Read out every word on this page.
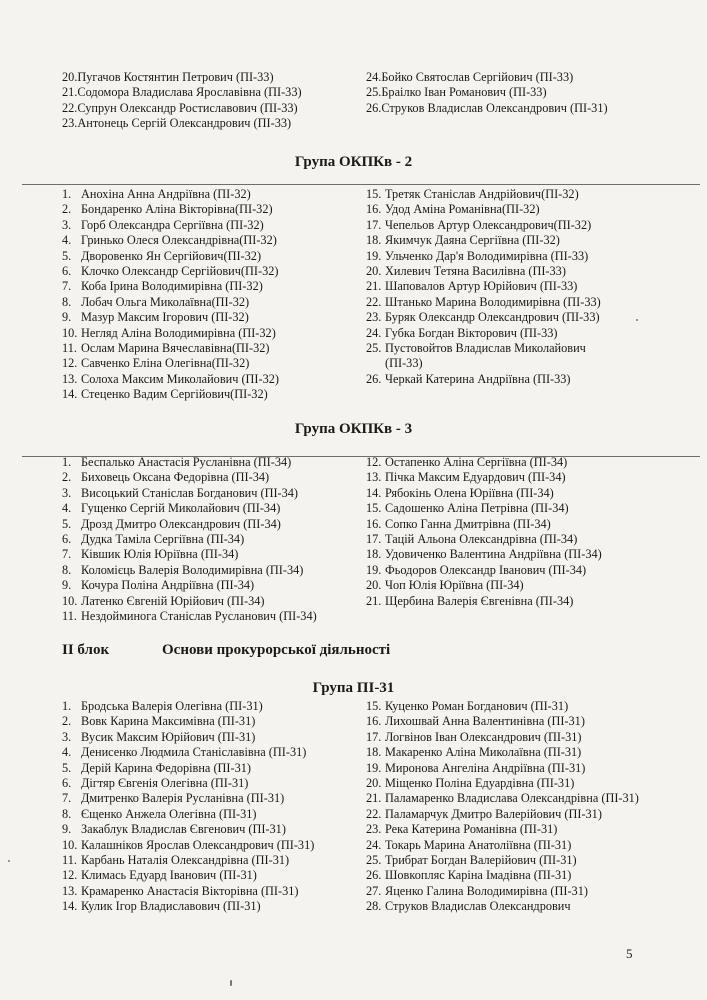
20.Пугачов Костянтин Петрович (ПІ-33)
21.Содомора Владислава Ярославівна (ПІ-33)
22.Супрун Олександр Ростиславович (ПІ-33)
23.Антонець Сергій Олександрович (ПІ-33)
24.Бойко Святослав Сергійович (ПІ-33)
25.Браілко Іван Романович (ПІ-33)
26.Струков Владислав Олександрович (ПІ-31)
Група ОКПКв - 2
1. Анохіна Анна Андріївна (ПІ-32)
2. Бондаренко Аліна Вікторівна(ПІ-32)
3. Горб Олександра Сергіївна (ПІ-32)
4. Гринько Олеся Олександрівна(ПІ-32)
5. Дворовенко Ян Сергійович(ПІ-32)
6. Клочко Олександр Сергійович(ПІ-32)
7. Коба Ірина Володимирівна (ПІ-32)
8. Лобач Ольга Миколаївна(ПІ-32)
9. Мазур Максим Ігорович (ПІ-32)
10. Негляд Аліна Володимирівна (ПІ-32)
11. Ослам Марина Вячеславівна(ПІ-32)
12. Савченко Еліна Олегівна(ПІ-32)
13. Солоха Максим Миколайович (ПІ-32)
14. Стеценко Вадим Сергійович(ПІ-32)
15. Третяк Станіслав Андрійович(ПІ-32)
16. Удод Аміна Романівна(ПІ-32)
17. Чепельов Артур Олександрович(ПІ-32)
18. Якимчук Даяна Сергіївна (ПІ-32)
19. Ульченко Дар'я Володимирівна (ПІ-33)
20. Хилевич Тетяна Василівна (ПІ-33)
21. Шаповалов Артур Юрійович (ПІ-33)
22. Штанько Марина Володимирівна (ПІ-33)
23. Буряк Олександр Олександрович (ПІ-33)
24. Губка Богдан Вікторович (ПІ-33)
25. Пустовойтов Владислав Миколайович
(ПІ-33)
26. Черкай Катерина Андріївна (ПІ-33)
Група ОКПКв - 3
1. Беспалько Анастасія Русланівна (ПІ-34)
2. Биховець Оксана Федорівна (ПІ-34)
3. Висоцький Станіслав Богданович (ПІ-34)
4. Гущенко Сергій Миколайович (ПІ-34)
5. Дрозд Дмитро Олександрович (ПІ-34)
6. Дудка Таміла Сергіївна (ПІ-34)
7. Ківшик Юлія Юріївна (ПІ-34)
8. Коломієць Валерія Володимирівна (ПІ-34)
9. Кочура Поліна Андріївна (ПІ-34)
10. Латенко Євгеній Юрійович (ПІ-34)
11. Нездойминога Станіслав Русланович (ПІ-34)
12. Остапенко Аліна Сергіївна (ПІ-34)
13. Пічка Максим Едуардович (ПІ-34)
14. Рябокінь Олена Юріївна (ПІ-34)
15. Садошенко Аліна Петрівна (ПІ-34)
16. Сопко Ганна Дмитрівна (ПІ-34)
17. Тацій Альона Олександрівна (ПІ-34)
18. Удовиченко Валентина Андріївна (ПІ-34)
19. Фьодоров Олександр Іванович (ПІ-34)
20. Чоп Юлія Юріївна (ПІ-34)
21. Щербина Валерія Євгенівна (ПІ-34)
ІІ блок	Основи прокурорської діяльності
Група ПІ-31
1. Бродська Валерія Олегівна (ПІ-31)
2. Вовк Карина Максимівна (ПІ-31)
3. Вусик Максим Юрійович (ПІ-31)
4. Денисенко Людмила Станіславівна (ПІ-31)
5. Дерій Карина Федорівна (ПІ-31)
6. Дігтяр Євгенія Олегівна (ПІ-31)
7. Дмитренко Валерія Русланівна (ПІ-31)
8. Єщенко Анжела Олегівна (ПІ-31)
9. Закаблук Владислав Євгенович (ПІ-31)
10. Калашніков Ярослав Олександрович (ПІ-31)
11. Карбань Наталія Олександрівна (ПІ-31)
12. Климась Едуард Іванович (ПІ-31)
13. Крамаренко Анастасія Вікторівна (ПІ-31)
14. Кулик Ігор Владиславович (ПІ-31)
15. Куценко Роман Богданович (ПІ-31)
16. Лихошвай Анна Валентинівна (ПІ-31)
17. Логвінов Іван Олександрович (ПІ-31)
18. Макаренко Аліна Миколаївна (ПІ-31)
19. Миронова Ангеліна Андріївна (ПІ-31)
20. Міщенко Поліна Едуардівна (ПІ-31)
21. Паламаренко Владислава Олександрівна (ПІ-31)
22. Паламарчук Дмитро Валерійович (ПІ-31)
23. Река Катерина Романівна (ПІ-31)
24. Токарь Марина Анатоліївна (ПІ-31)
25. Трибрат Богдан Валерійович (ПІ-31)
26. Шовкопляс Каріна Імадівна (ПІ-31)
27. Яценко Галина Володимирівна (ПІ-31)
28. Струков Владислав Олександрович
5
